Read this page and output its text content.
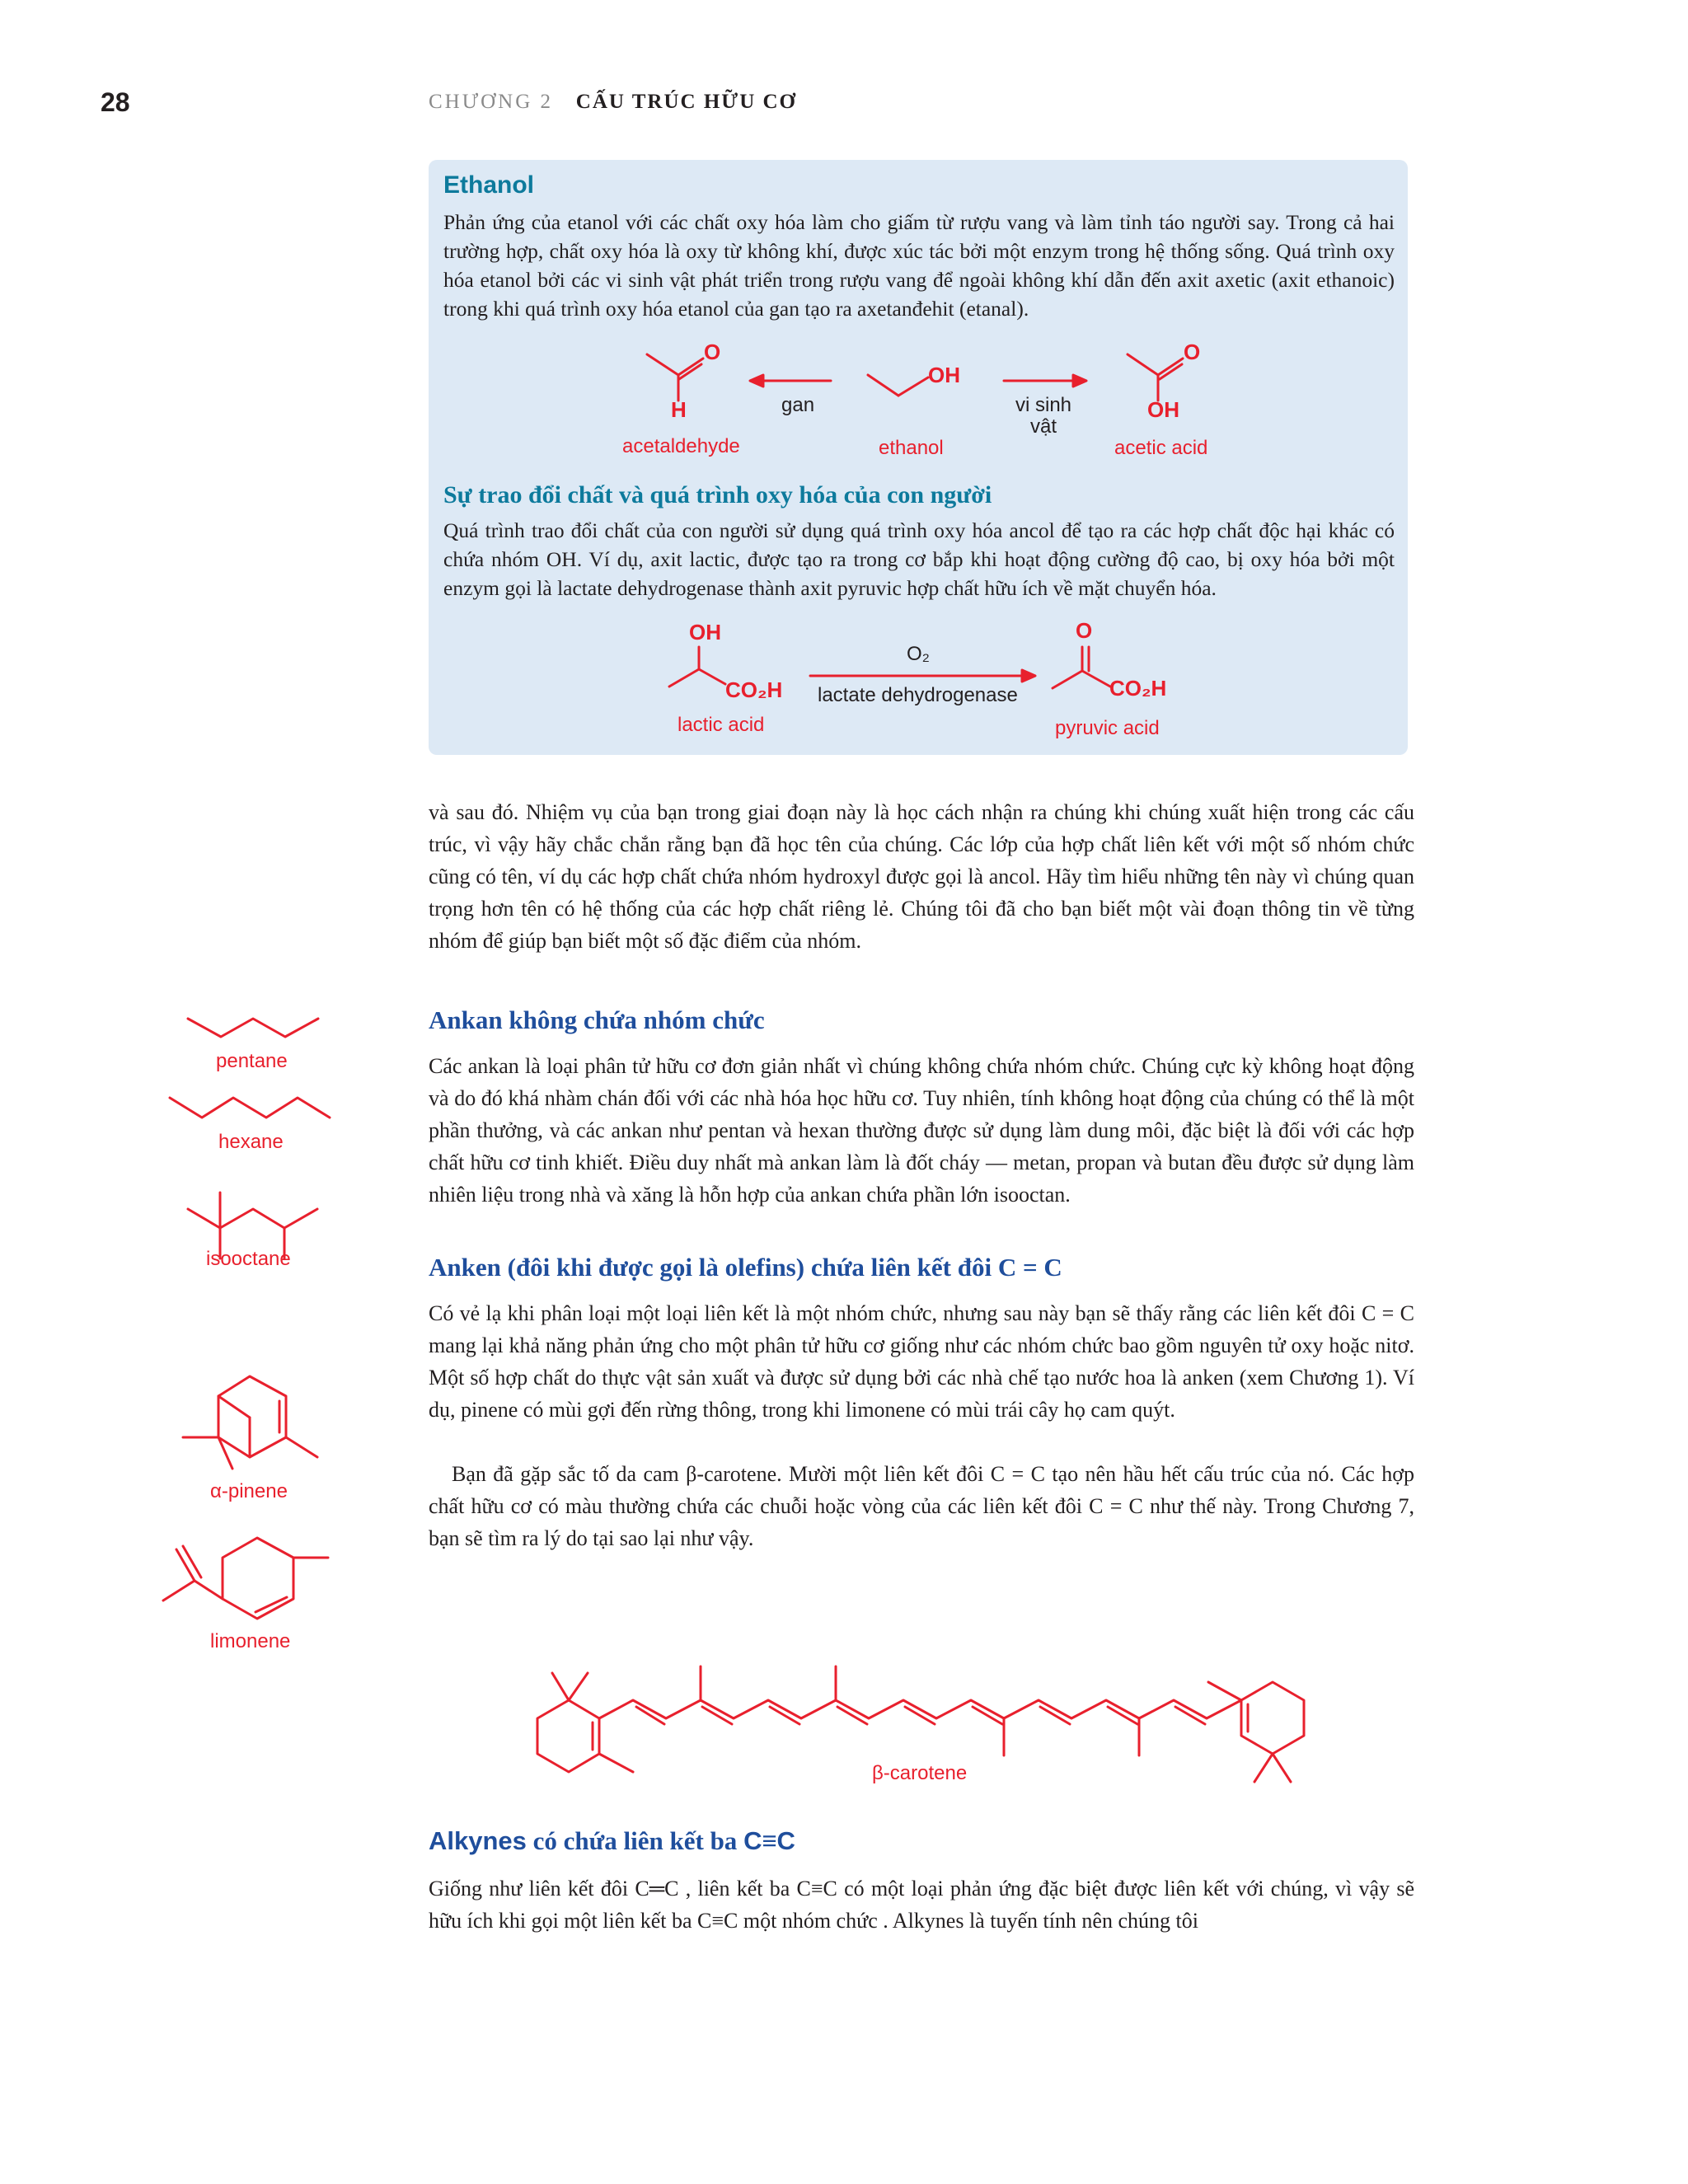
28	CHƯƠNG 2 CẤU TRÚC HỮU CƠ
Ethanol
Phản ứng của etanol với các chất oxy hóa làm cho giấm từ rượu vang và làm tỉnh táo người say. Trong cả hai trường hợp, chất oxy hóa là oxy từ không khí, được xúc tác bởi một enzym trong hệ thống sống. Quá trình oxy hóa etanol bởi các vi sinh vật phát triển trong rượu vang để ngoài không khí dẫn đến axit axetic (axit ethanoic) trong khi quá trình oxy hóa etanol của gan tạo ra axetanđehit (etanal).
O
H
acetaldehyde
gan
OH
ethanol
vi sinh
vật
O
OH
acetic acid
Sự trao đổi chất và quá trình oxy hóa của con người
Quá trình trao đổi chất của con người sử dụng quá trình oxy hóa ancol để tạo ra các hợp chất độc hại khác có chứa nhóm OH. Ví dụ, axit lactic, được tạo ra trong cơ bắp khi hoạt động cường độ cao, bị oxy hóa bởi một enzym gọi là lactate dehydrogenase thành axit pyruvic hợp chất hữu ích về mặt chuyển hóa.
OH
CO₂H
lactic acid
O₂
lactate dehydrogenase
O
CO₂H
pyruvic acid
và sau đó. Nhiệm vụ của bạn trong giai đoạn này là học cách nhận ra chúng khi chúng xuất hiện trong các cấu trúc, vì vậy hãy chắc chắn rằng bạn đã học tên của chúng. Các lớp của hợp chất liên kết với một số nhóm chức cũng có tên, ví dụ các hợp chất chứa nhóm hydroxyl được gọi là ancol. Hãy tìm hiểu những tên này vì chúng quan trọng hơn tên có hệ thống của các hợp chất riêng lẻ. Chúng tôi đã cho bạn biết một vài đoạn thông tin về từng nhóm để giúp bạn biết một số đặc điểm của nhóm.
Ankan không chứa nhóm chức
Các ankan là loại phân tử hữu cơ đơn giản nhất vì chúng không chứa nhóm chức. Chúng cực kỳ không hoạt động và do đó khá nhàm chán đối với các nhà hóa học hữu cơ. Tuy nhiên, tính không hoạt động của chúng có thể là một phần thưởng, và các ankan như pentan và hexan thường được sử dụng làm dung môi, đặc biệt là đối với các hợp chất hữu cơ tinh khiết. Điều duy nhất mà ankan làm là đốt cháy — metan, propan và butan đều được sử dụng làm nhiên liệu trong nhà và xăng là hỗn hợp của ankan chứa phần lớn isooctan.
Anken (đôi khi được gọi là olefins) chứa liên kết đôi C = C
Có vẻ lạ khi phân loại một loại liên kết là một nhóm chức, nhưng sau này bạn sẽ thấy rằng các liên kết đôi C = C mang lại khả năng phản ứng cho một phân tử hữu cơ giống như các nhóm chức bao gồm nguyên tử oxy hoặc nitơ. Một số hợp chất do thực vật sản xuất và được sử dụng bởi các nhà chế tạo nước hoa là anken (xem Chương 1). Ví dụ, pinene có mùi gợi đến rừng thông, trong khi limonene có mùi trái cây họ cam quýt.
Bạn đã gặp sắc tố da cam β-carotene. Mười một liên kết đôi C = C tạo nên hầu hết cấu trúc của nó. Các hợp chất hữu cơ có màu thường chứa các chuỗi hoặc vòng của các liên kết đôi C = C như thế này. Trong Chương 7, bạn sẽ tìm ra lý do tại sao lại như vậy.
pentane
hexane
isooctane
α-pinene
limonene
β-carotene
Alkynes có chứa liên kết ba C≡C
Giống như liên kết đôi C═C , liên kết ba C≡C có một loại phản ứng đặc biệt được liên kết với chúng, vì vậy sẽ hữu ích khi gọi một liên kết ba C≡C một nhóm chức . Alkynes là tuyến tính nên chúng tôi
